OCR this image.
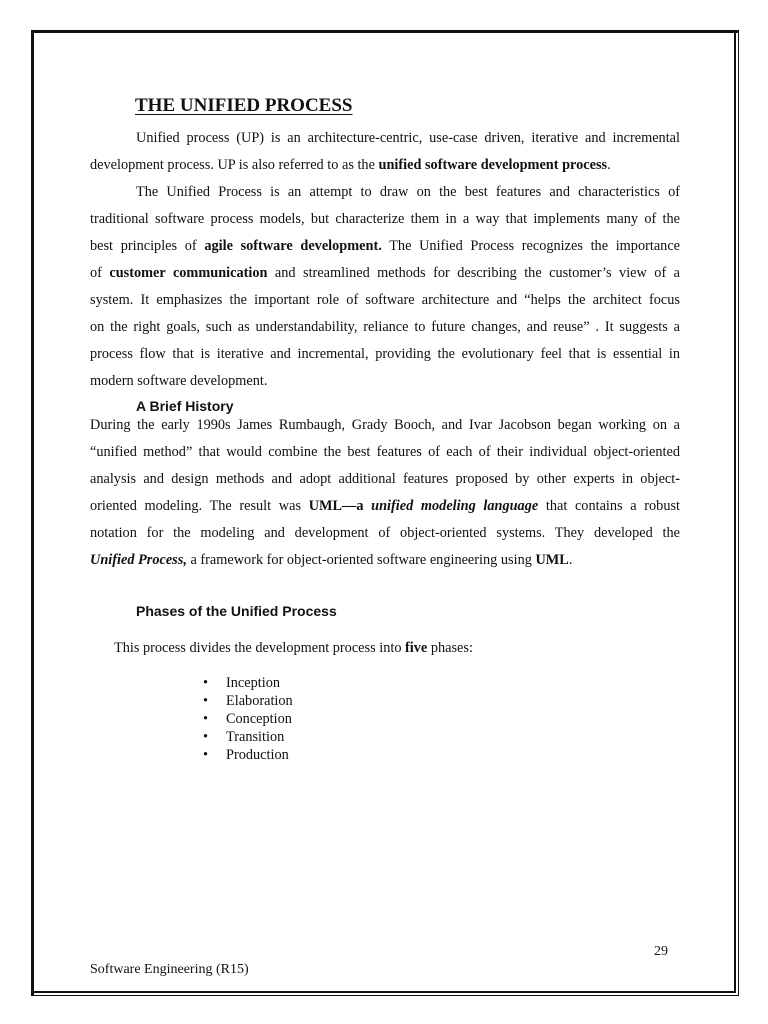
THE UNIFIED PROCESS
Unified process (UP) is an architecture-centric, use-case driven, iterative and incremental
development process. UP is also referred to as the unified software development process.
The Unified Process is an attempt to draw on the best features and characteristics of
traditional software process models, but characterize them in a way that implements many of the
best principles of agile software development. The Unified Process recognizes the importance
of customer communication and streamlined methods for describing the customer’s view of a
system. It emphasizes the important role of software architecture and “helps the architect focus
on the right goals, such as understandability, reliance to future changes, and reuse” . It suggests a
process flow that is iterative and incremental, providing the evolutionary feel that is essential in
modern software development.
A Brief History
During the early 1990s James Rumbaugh, Grady Booch, and Ivar Jacobson began working on a
“unified method” that would combine the best features of each of their individual object-oriented
analysis and design methods and adopt additional features proposed by other experts in object-
oriented modeling. The result was UML—a unified modeling language that contains a robust
notation for the modeling and development of object-oriented systems. They developed the
Unified Process, a framework for object-oriented software engineering using UML.
Phases of the Unified Process
This process divides the development process into five phases:
• Inception
• Elaboration
• Conception
• Transition
• Production
29
Software Engineering (R15)
